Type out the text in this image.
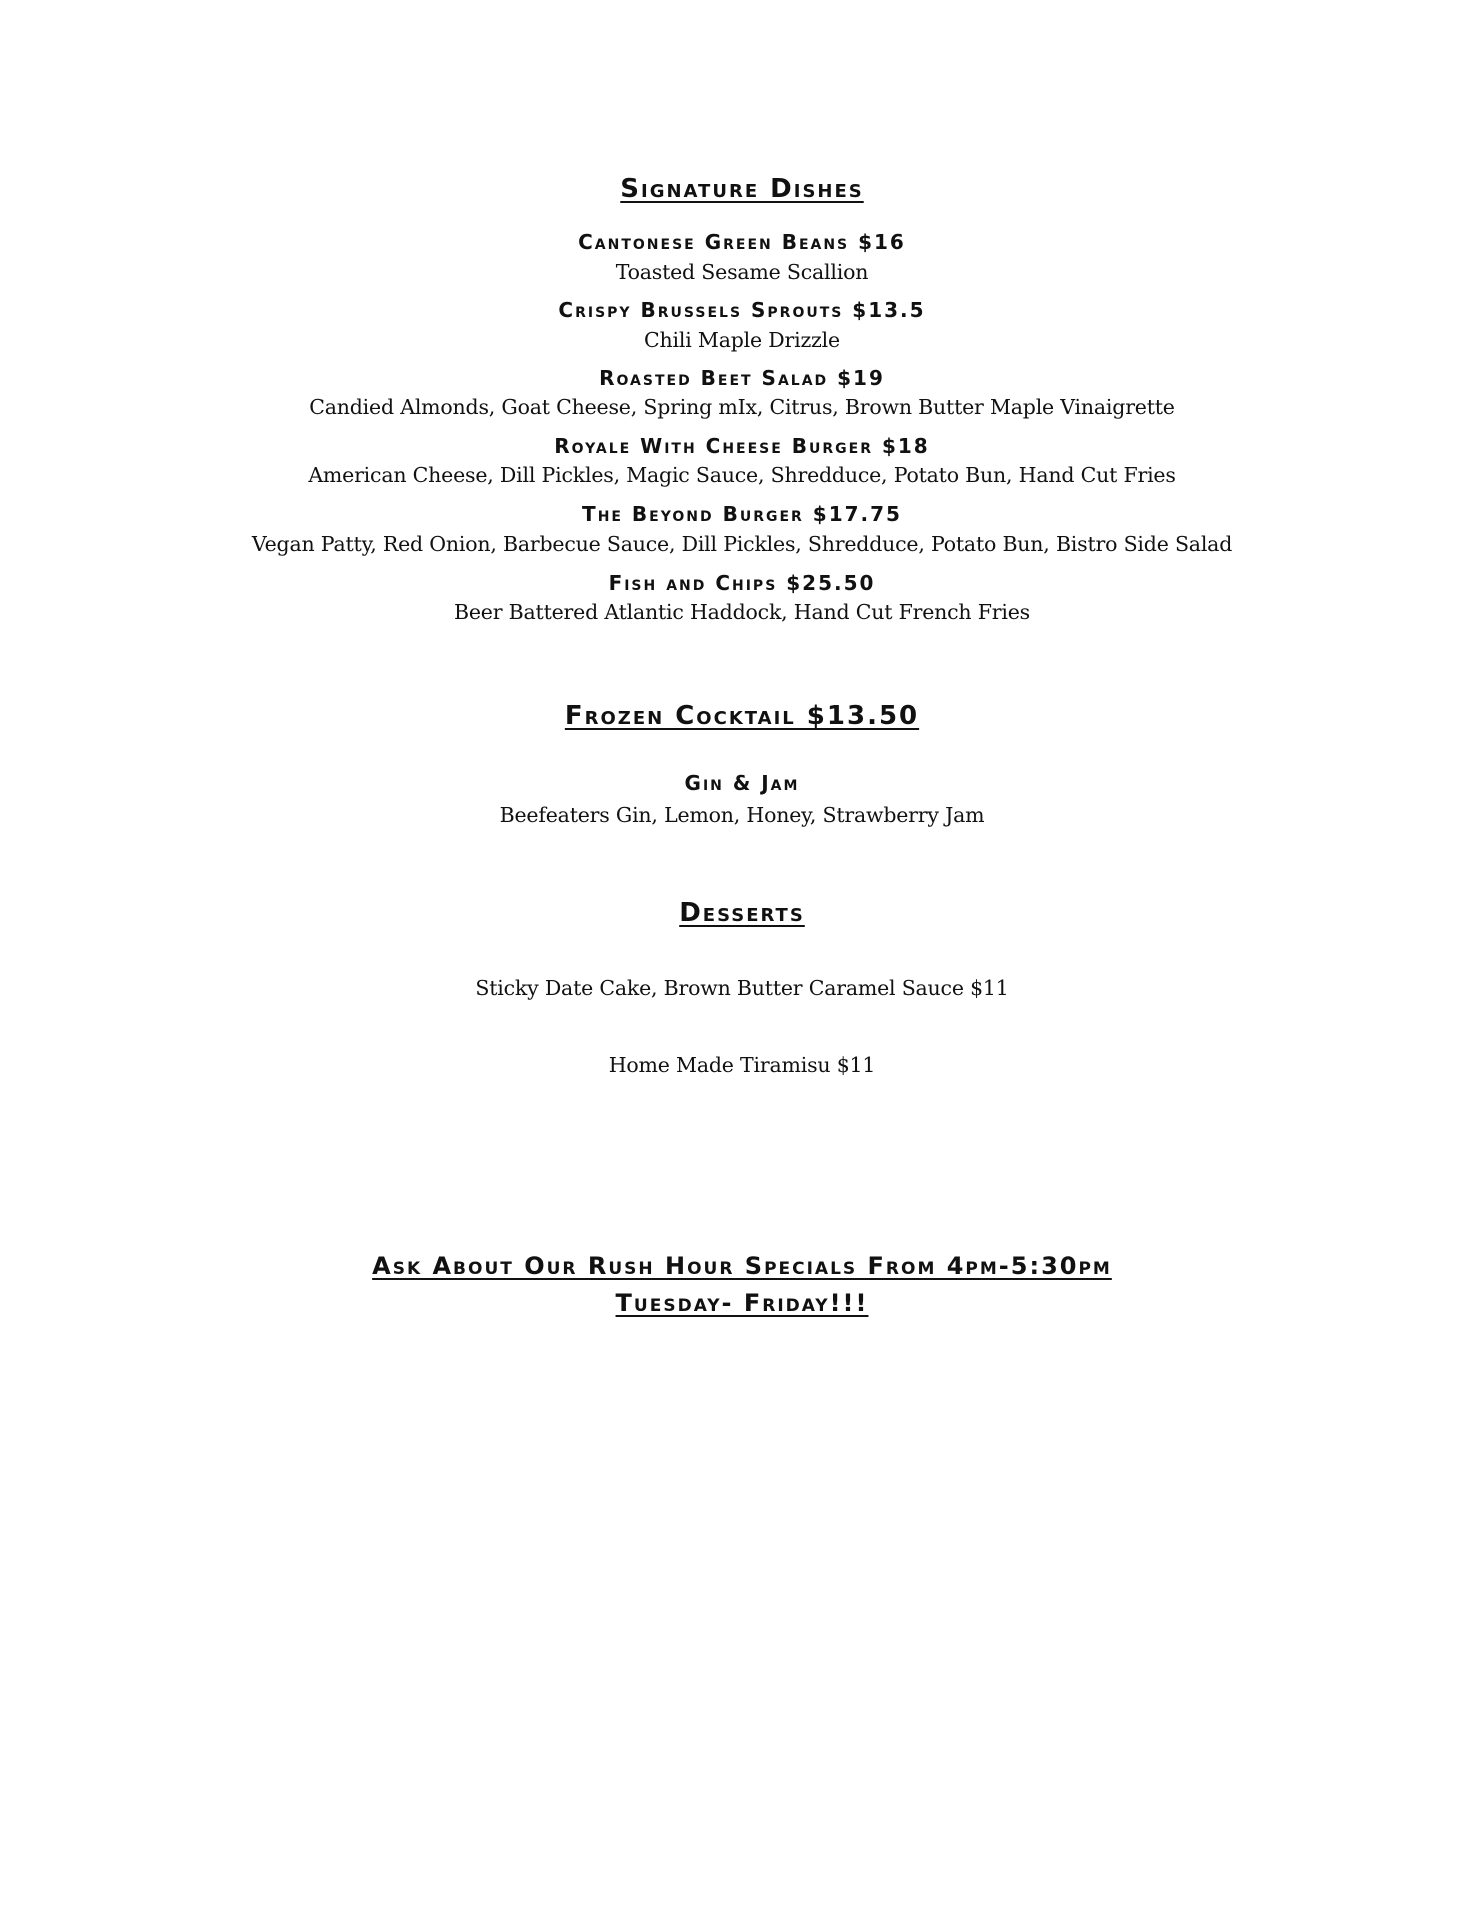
Signature Dishes
Cantonese Green Beans $16
Toasted Sesame Scallion
Crispy Brussels Sprouts $13.5
Chili Maple Drizzle
Roasted Beet Salad $19
Candied Almonds, Goat Cheese, Spring mIx, Citrus, Brown Butter Maple Vinaigrette
Royale With Cheese Burger $18
American Cheese, Dill Pickles, Magic Sauce, Shredduce, Potato Bun, Hand Cut Fries
The Beyond Burger $17.75
Vegan Patty, Red Onion, Barbecue Sauce, Dill Pickles, Shredduce, Potato Bun, Bistro Side Salad
Fish and Chips $25.50
Beer Battered Atlantic Haddock, Hand Cut French Fries
Frozen Cocktail $13.50
Gin & Jam
Beefeaters Gin, Lemon, Honey, Strawberry Jam
Desserts
Sticky Date Cake, Brown Butter Caramel Sauce $11
Home Made Tiramisu $11
Ask About Our Rush Hour Specials From 4pm-5:30pm
Tuesday- Friday!!!
